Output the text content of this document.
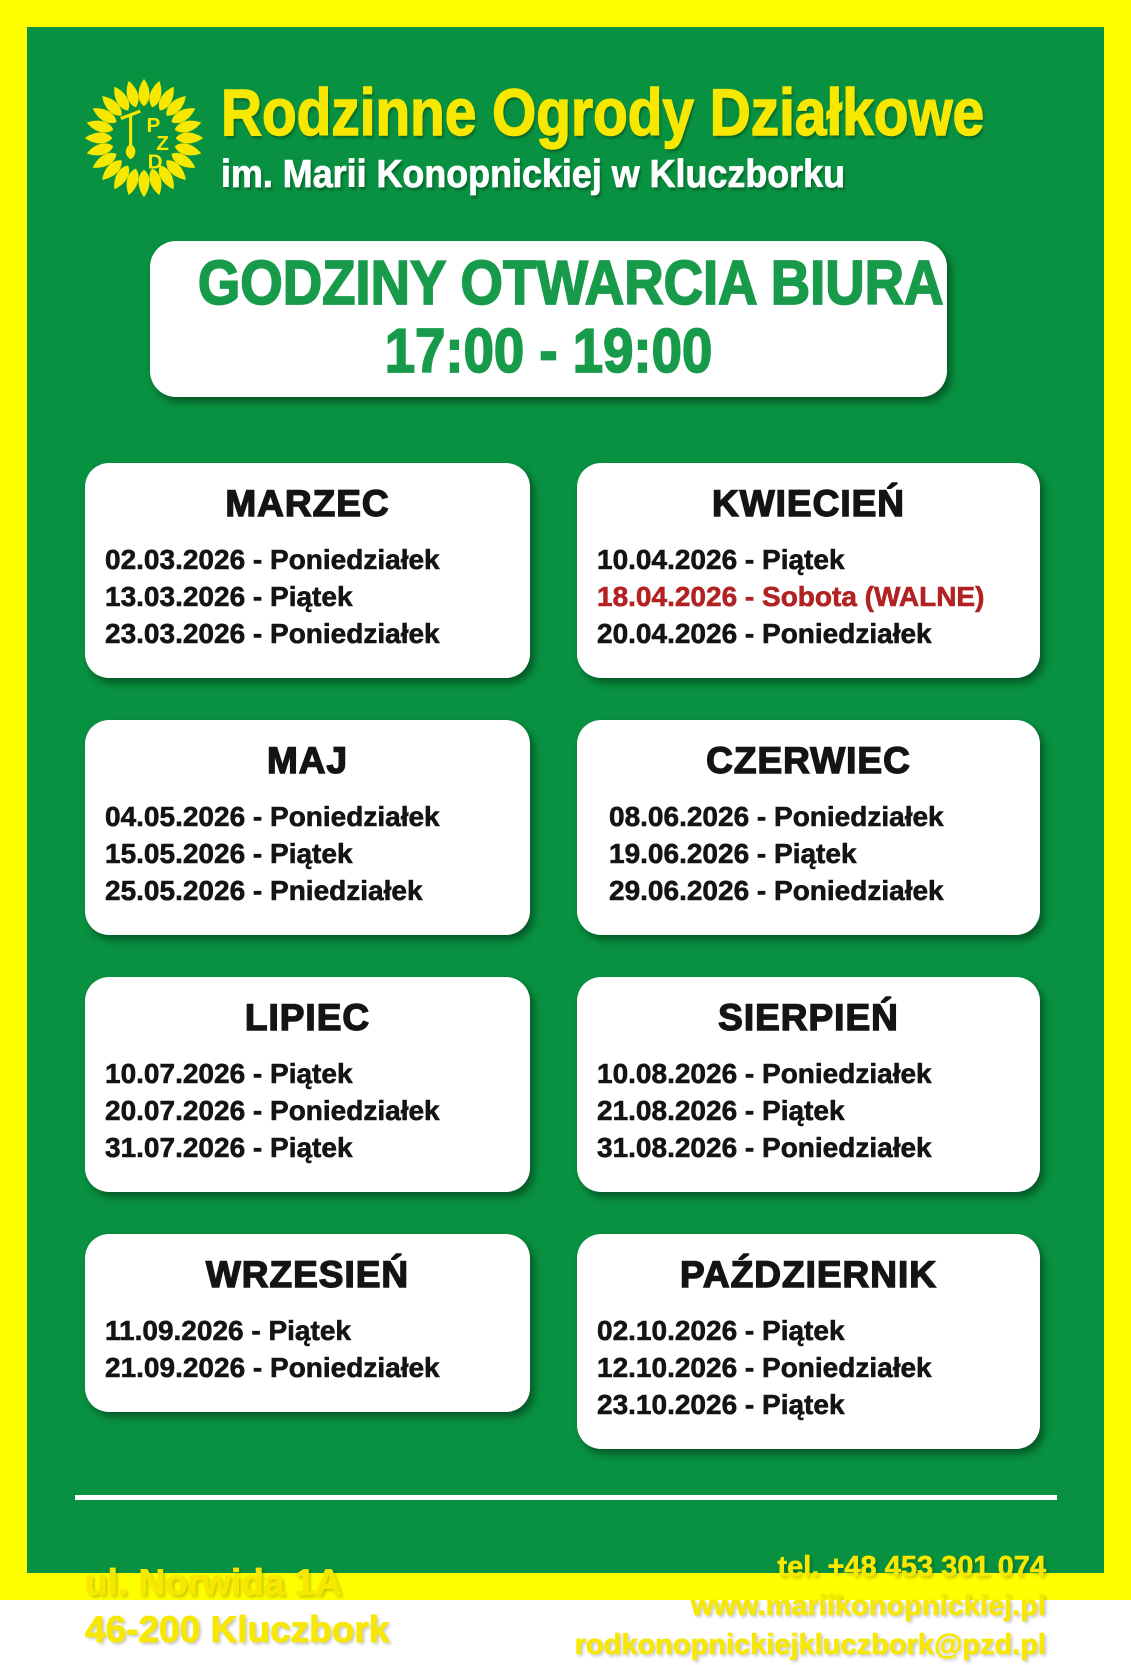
P
Z
D
Rodzinne Ogrody Działkowe
im. Marii Konopnickiej w Kluczborku
GODZINY OTWARCIA BIURA
17:00 - 19:00
MARZEC

02.03.2026 - Poniedziałek

13.03.2026 - Piątek

23.03.2026 - Poniedziałek

KWIECIEŃ

10.04.2026 - Piątek

18.04.2026 - Sobota (WALNE)

20.04.2026 - Poniedziałek

MAJ

04.05.2026 - Poniedziałek

15.05.2026 - Piątek

25.05.2026 - Pniedziałek

CZERWIEC

08.06.2026 - Poniedziałek

19.06.2026 - Piątek

29.06.2026 - Poniedziałek

LIPIEC

10.07.2026 - Piątek

20.07.2026 - Poniedziałek

31.07.2026 - Piątek

SIERPIEŃ

10.08.2026 - Poniedziałek

21.08.2026 - Piątek

31.08.2026 - Poniedziałek

WRZESIEŃ

11.09.2026 - Piątek

21.09.2026 - Poniedziałek

PAŹDZIERNIK

02.10.2026 - Piątek

12.10.2026 - Poniedziałek

23.10.2026 - Piątek

ul. Norwida 1A
46-200 Kluczbork
tel. +48 453 301 074
www.mariikonopnickiej.pl
rodkonopnickiejkluczbork@pzd.pl
